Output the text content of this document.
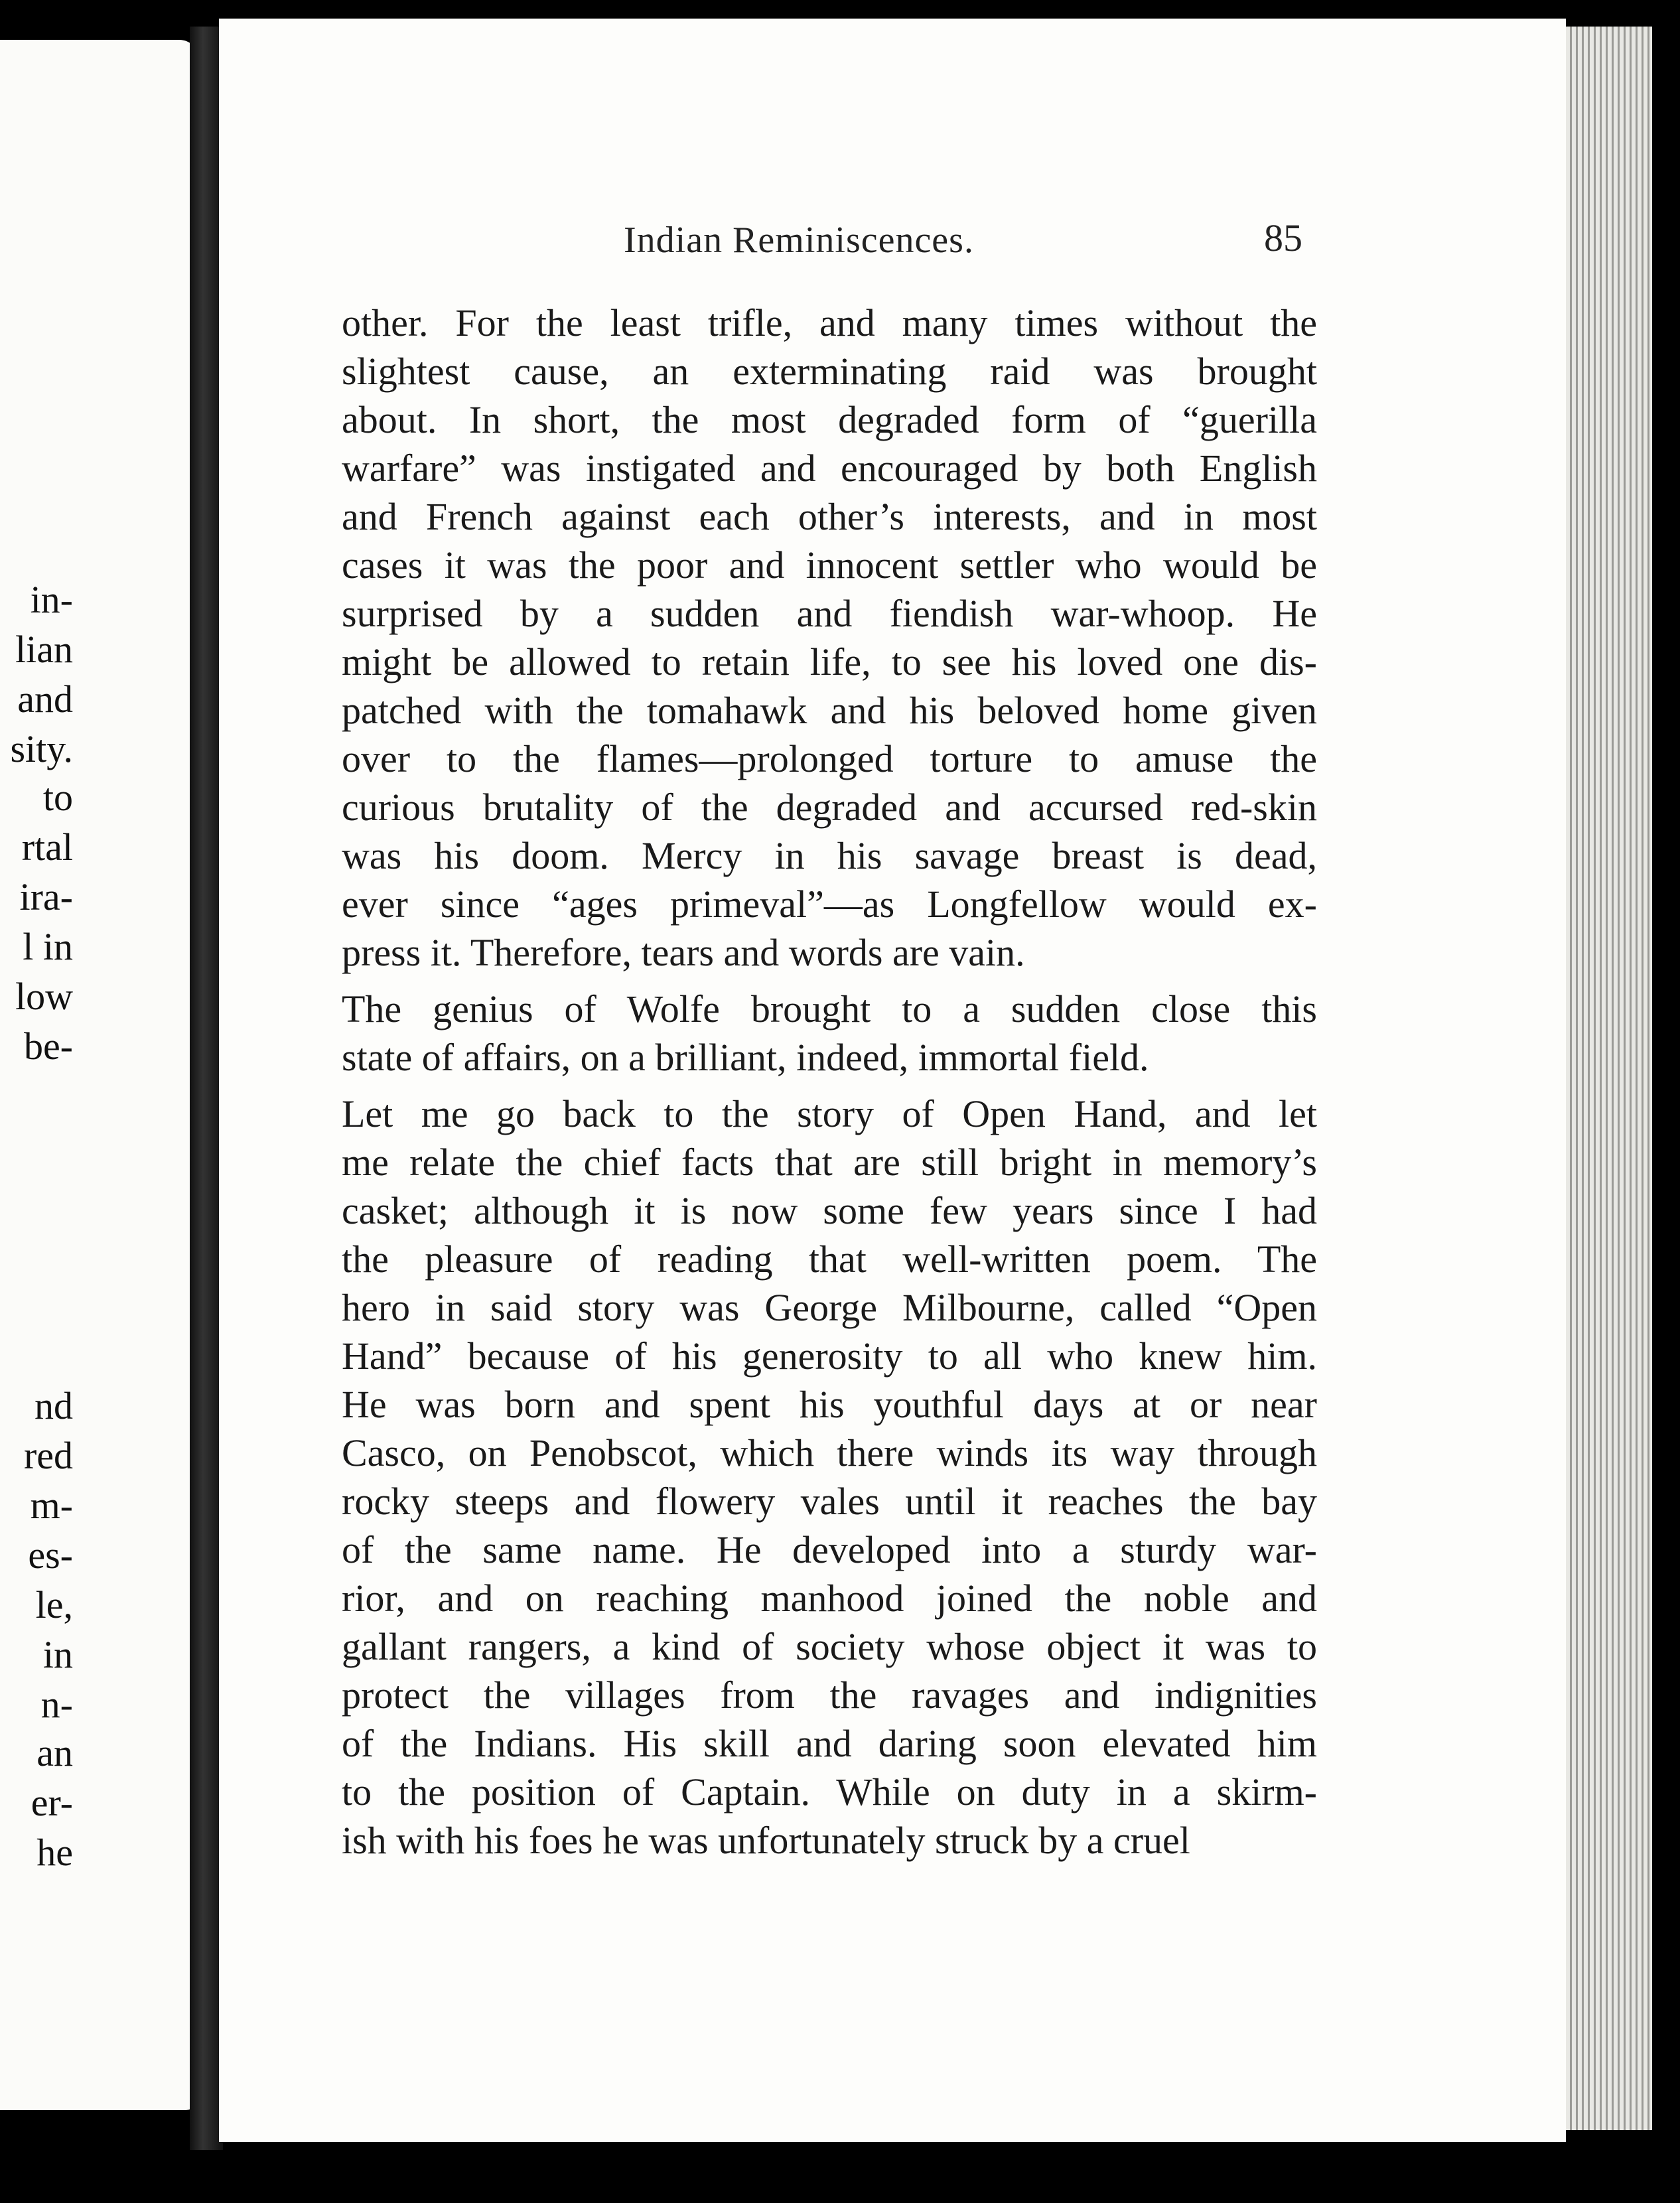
in-
lian
and
sity.
to
rtal
ira-
l in
low
be-
nd
red
m-
es-
le,
in
n-
an
er-
he
Indian Reminiscences.	85
other. For the least trifle, and many times without the
slightest cause, an exterminating raid was brought
about. In short, the most degraded form of “guerilla
warfare” was instigated and encouraged by both English
and French against each other’s interests, and in most
cases it was the poor and innocent settler who would be
surprised by a sudden and fiendish war-whoop. He
might be allowed to retain life, to see his loved one dis-
patched with the tomahawk and his beloved home given
over to the flames—prolonged torture to amuse the
curious brutality of the degraded and accursed red-skin
was his doom. Mercy in his savage breast is dead,
ever since “ages primeval”—as Longfellow would ex-
press it. Therefore, tears and words are vain.
The genius of Wolfe brought to a sudden close this
state of affairs, on a brilliant, indeed, immortal field.
Let me go back to the story of Open Hand, and let
me relate the chief facts that are still bright in memory’s
casket; although it is now some few years since I had
the pleasure of reading that well-written poem. The
hero in said story was George Milbourne, called “Open
Hand” because of his generosity to all who knew him.
He was born and spent his youthful days at or near
Casco, on Penobscot, which there winds its way through
rocky steeps and flowery vales until it reaches the bay
of the same name. He developed into a sturdy war-
rior, and on reaching manhood joined the noble and
gallant rangers, a kind of society whose object it was to
protect the villages from the ravages and indignities
of the Indians. His skill and daring soon elevated him
to the position of Captain. While on duty in a skirm-
ish with his foes he was unfortunately struck by a cruel
